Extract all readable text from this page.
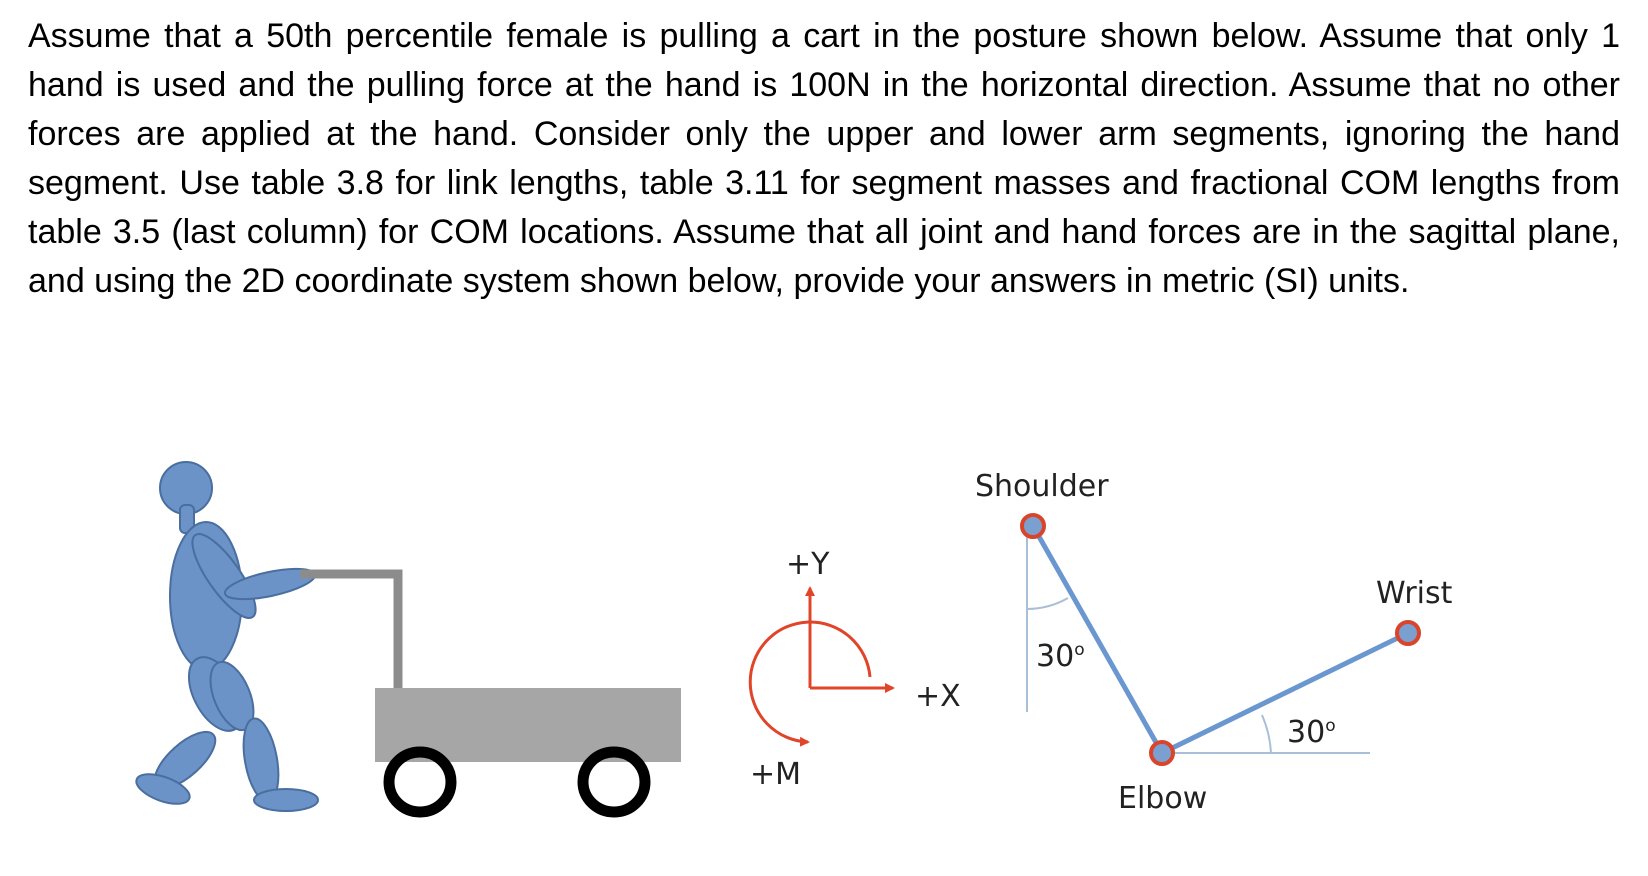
Assume that a 50th percentile female is pulling a cart in the posture shown below. Assume that only 1 hand is used and the pulling force at the hand is 100N in the horizontal direction. Assume that no other forces are applied at the hand. Consider only the upper and lower arm segments, ignoring the hand segment. Use table 3.8 for link lengths, table 3.11 for segment masses and fractional COM lengths from table 3.5 (last column) for COM locations. Assume that all joint and hand forces are in the sagittal plane, and using the 2D coordinate system shown below, provide your answers in metric (SI) units.

+Y
+X
+M
Shoulder
Elbow
Wrist
30$^o$
30$^o$
